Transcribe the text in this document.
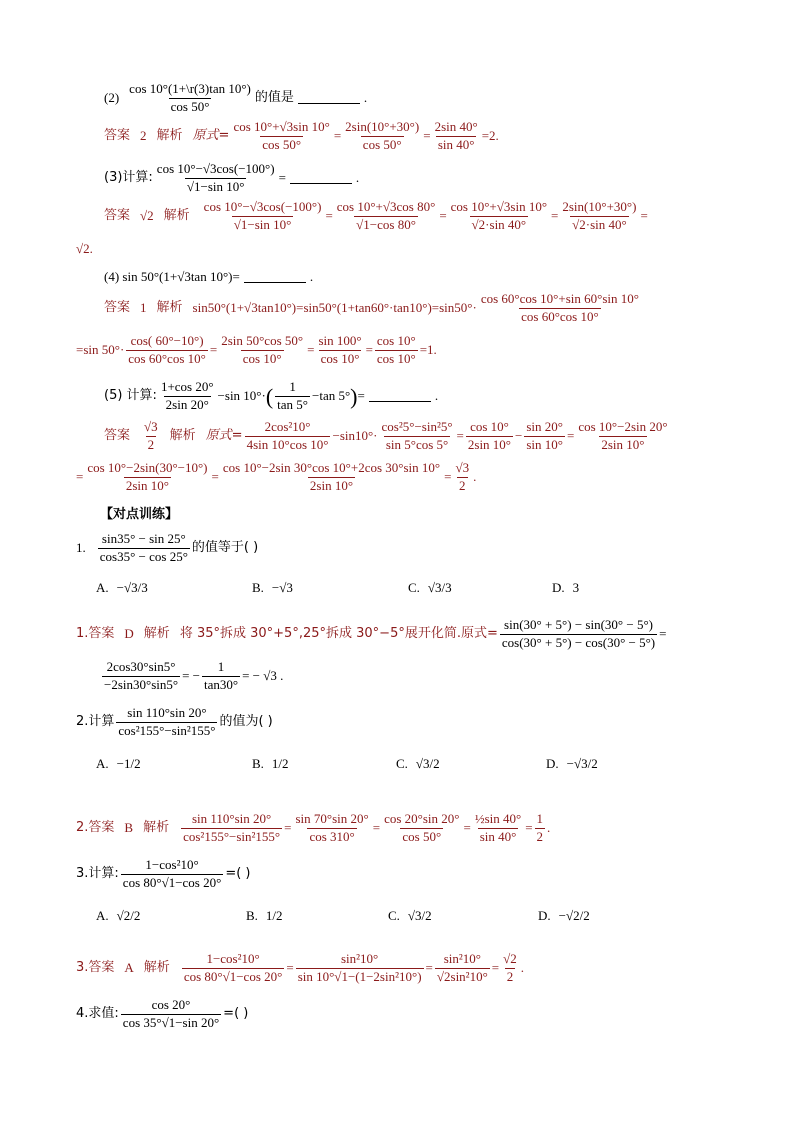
$(2) \frac{\cos 10^\circ(1+\backslash r(3)\tan 10^\circ)}{\cos 50^\circ}$ 的值是	.
答案 2 解析 原式= $\frac{\cos 10^\circ+√3\sin 10^\circ}{\cos 50^\circ} = \frac{2\sin(10^\circ+30^\circ)}{\cos 50^\circ} = \frac{2\sin 40^\circ}{\sin 40^\circ} =2$.
(3)计算: $\frac{\cos 10^\circ-√3\cos(-100^\circ)}{√1-\sin 10^\circ}$ =	.
答案 √2 解析 $\frac{\cos 10^\circ-√3\cos(-100^\circ)}{√1-\sin 10^\circ} = \frac{\cos 10^\circ+√3\cos 80^\circ}{√1-\cos 80^\circ} = \frac{\cos 10^\circ+√3\sin 10^\circ}{√2\cdot\sin 40^\circ} = \frac{2\sin(10^\circ+30^\circ)}{√2\cdot\sin 40^\circ}$ =
√2.
(4) sin 50°(1+√3tan 10°)=	.
答案 1 解析 $\sin 50^\circ(1+√3\tan 10^\circ)=\sin 50^\circ(1+\tan 60^\circ\cdot\tan 10^\circ)=\sin 50^\circ\cdot \frac{\cos 60^\circ\cos 10^\circ+\sin 60^\circ\sin 10^\circ}{\cos 60^\circ\cos 10^\circ}$
=sin $50^\circ\cdot \frac{\cos( 60^\circ-10^\circ)}{\cos 60^\circ\cos 10^\circ} = \frac{2\sin 50^\circ\cos 50^\circ}{\cos 10^\circ} = \frac{\sin 100^\circ}{\cos 10^\circ} = \frac{\cos 10^\circ}{\cos 10^\circ} =1$.
(5) 计算: $\frac{1+\cos 20^\circ}{2\sin 20^\circ} -\sin$ 10°· ( $\frac{1}{\tan 5^\circ} -\tan$ 5° ) =	.
答案 $\frac{√3}{2}$ 解析 原式= $\frac{\text{2cos²10°}}{4\sin 10^\circ\cos 10^\circ} -\sin 10^\circ\cdot \frac{\text{cos²5°−sin²5°}}{\sin 5^\circ\cos 5^\circ} = \frac{\cos 10^\circ}{2\sin 10^\circ} - \frac{\sin 20^\circ}{\sin 10^\circ} = \frac{\cos 10^\circ-2\sin 20^\circ}{2\sin 10^\circ}$
= $\frac{\cos 10^\circ-2\sin(30^\circ-10^\circ)}{2\sin 10^\circ} = \frac{\cos 10^\circ-2\sin 30^\circ\cos 10^\circ+2\cos 30^\circ\sin 10^\circ}{2\sin 10^\circ} = \frac{√3}{2}$ .
【对点训练】
1. $\frac{\sin 35^\circ - \sin 25^\circ}{\cos 35^\circ - \cos 25^\circ}$ 的值等于( )
A. −√3/3	B. −√3	C. √3/3	D. 3
1.答案 D 解析 将 35°拆成 30°+5°,25°拆成 30°−5°展开化简.原式= $\frac{\sin(30^\circ + 5^\circ) - \sin(30^\circ - 5^\circ)}{\cos(30^\circ + 5^\circ) - \cos(30^\circ - 5^\circ)}$ =
$\frac{2\cos 30^\circ\sin 5^\circ}{-2\sin 30^\circ\sin 5^\circ}$ = − $\frac{1}{\tan 30^\circ}$ = − √3 .
2.计算 $\frac{\sin 110^\circ\sin 20^\circ}{\text{cos²155°−sin²155°}}$ 的值为( )
A. −1/2	B. 1/2	C. √3/2	D. −√3/2
2.答案 B 解析 $\frac{\sin 110^\circ\sin 20^\circ}{\text{cos²155°−sin²155°}} = \frac{\sin 70^\circ\sin 20^\circ}{\cos 310^\circ} = \frac{\cos 20^\circ\sin 20^\circ}{\cos 50^\circ} = \frac{\text{½sin 40°}}{\sin 40^\circ} = \frac{1}{2}$ .
3.计算: $\frac{\text{1−cos²10°}}{\cos 80^\circ√1-\cos 20^\circ}$ =( )
A. √2/2	B. 1/2	C. √3/2	D. −√2/2
3.答案 A 解析 $\frac{\text{1−cos²10°}}{\cos 80^\circ√1-\cos 20^\circ} = \frac{\text{sin²10°}}{\text{sin 10°√1−(1−2sin²10°)}} = \frac{\text{sin²10°}}{\text{√2sin²10°}} = \frac{√2}{2}$ .
4.求值: $\frac{\cos 20^\circ}{\cos 35^\circ√1-\sin 20^\circ}$ =( )
